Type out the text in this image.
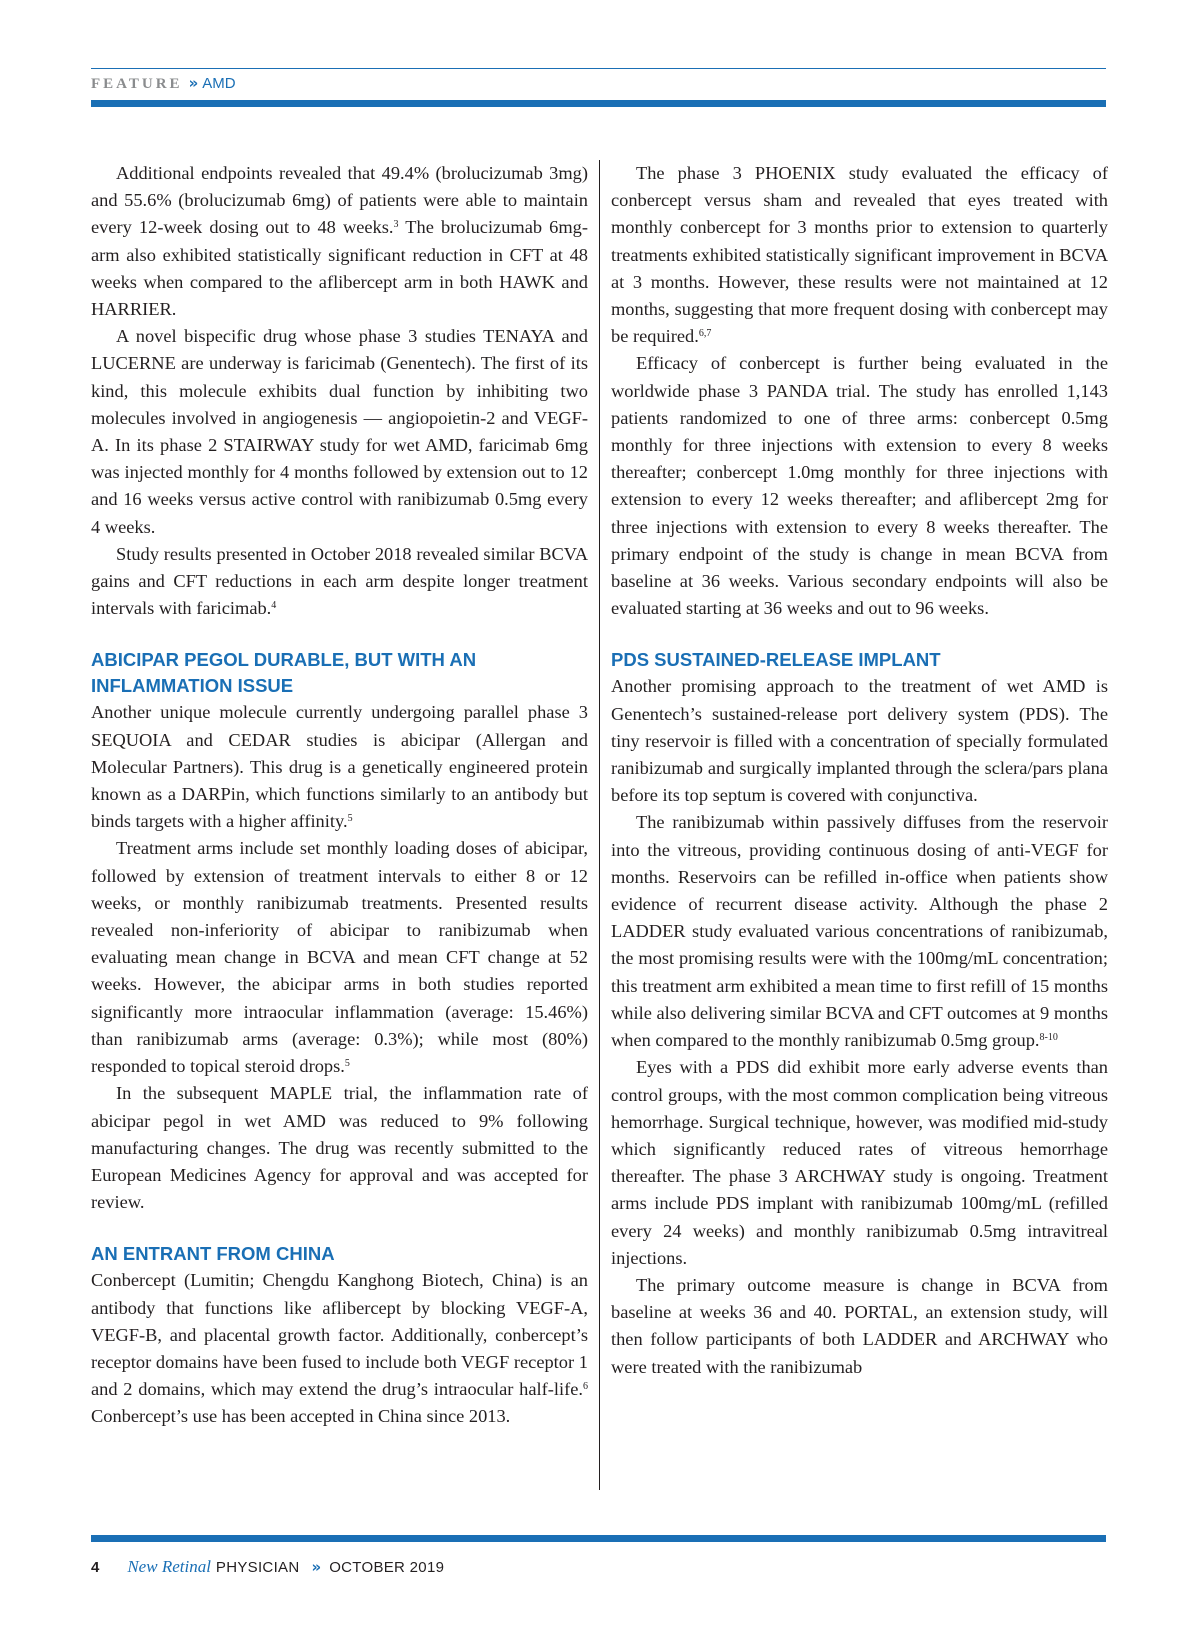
FEATURE » AMD

Additional endpoints revealed that 49.4% (brolucizumab 3mg) and 55.6% (brolucizumab 6mg) of patients were able to maintain every 12-week dosing out to 48 weeks.$^3$ The brolucizumab 6mg-arm also exhibited statistically significant reduction in CFT at 48 weeks when compared to the aflibercept arm in both HAWK and HARRIER.

A novel bispecific drug whose phase 3 studies TENAYA and LUCERNE are underway is faricimab (Genentech). The first of its kind, this molecule exhibits dual function by inhibiting two molecules involved in angiogenesis — angiopoietin-2 and VEGF-A. In its phase 2 STAIRWAY study for wet AMD, faricimab 6mg was injected monthly for 4 months followed by extension out to 12 and 16 weeks versus active control with ranibizumab 0.5mg every 4 weeks.

Study results presented in October 2018 revealed similar BCVA gains and CFT reductions in each arm despite longer treatment intervals with faricimab.$^4$

ABICIPAR PEGOL DURABLE, BUT WITH AN INFLAMMATION ISSUE

Another unique molecule currently undergoing parallel phase 3 SEQUOIA and CEDAR studies is abicipar (Allergan and Molecular Partners). This drug is a genetically engineered protein known as a DARPin, which functions similarly to an antibody but binds targets with a higher affinity.$^5$

Treatment arms include set monthly loading doses of abicipar, followed by extension of treatment intervals to either 8 or 12 weeks, or monthly ranibizumab treatments. Presented results revealed non-inferiority of abicipar to ranibizumab when evaluating mean change in BCVA and mean CFT change at 52 weeks. However, the abicipar arms in both studies reported significantly more intraocular inflammation (average: 15.46%) than ranibizumab arms (average: 0.3%); while most (80%) responded to topical steroid drops.$^5$

In the subsequent MAPLE trial, the inflammation rate of abicipar pegol in wet AMD was reduced to 9% following manufacturing changes. The drug was recently submitted to the European Medicines Agency for approval and was accepted for review.

AN ENTRANT FROM CHINA

Conbercept (Lumitin; Chengdu Kanghong Biotech, China) is an antibody that functions like aflibercept by blocking VEGF-A, VEGF-B, and placental growth factor. Additionally, conbercept’s receptor domains have been fused to include both VEGF receptor 1 and 2 domains, which may extend the drug’s intraocular half-life.$^6$ Conbercept’s use has been accepted in China since 2013.

The phase 3 PHOENIX study evaluated the efficacy of conbercept versus sham and revealed that eyes treated with monthly conbercept for 3 months prior to extension to quarterly treatments exhibited statistically significant improvement in BCVA at 3 months. However, these results were not maintained at 12 months, suggesting that more frequent dosing with conbercept may be required.$^{6,7}$

Efficacy of conbercept is further being evaluated in the worldwide phase 3 PANDA trial. The study has enrolled 1,143 patients randomized to one of three arms: conbercept 0.5mg monthly for three injections with extension to every 8 weeks thereafter; conbercept 1.0mg monthly for three injections with extension to every 12 weeks thereafter; and aflibercept 2mg for three injections with extension to every 8 weeks thereafter. The primary endpoint of the study is change in mean BCVA from baseline at 36 weeks. Various secondary endpoints will also be evaluated starting at 36 weeks and out to 96 weeks.

PDS SUSTAINED-RELEASE IMPLANT

Another promising approach to the treatment of wet AMD is Genentech’s sustained-release port delivery system (PDS). The tiny reservoir is filled with a concentration of specially formulated ranibizumab and surgically implanted through the sclera/pars plana before its top septum is covered with conjunctiva.

The ranibizumab within passively diffuses from the reservoir into the vitreous, providing continuous dosing of anti-VEGF for months. Reservoirs can be refilled in-office when patients show evidence of recurrent disease activity. Although the phase 2 LADDER study evaluated various concentrations of ranibizumab, the most promising results were with the 100mg/mL concentration; this treatment arm exhibited a mean time to first refill of 15 months while also delivering similar BCVA and CFT outcomes at 9 months when compared to the monthly ranibizumab 0.5mg group.$^{8-10}$

Eyes with a PDS did exhibit more early adverse events than control groups, with the most common complication being vitreous hemorrhage. Surgical technique, however, was modified mid-study which significantly reduced rates of vitreous hemorrhage thereafter. The phase 3 ARCHWAY study is ongoing. Treatment arms include PDS implant with ranibizumab 100mg/mL (refilled every 24 weeks) and monthly ranibizumab 0.5mg intravitreal injections.

The primary outcome measure is change in BCVA from baseline at weeks 36 and 40. PORTAL, an extension study, will then follow participants of both LADDER and ARCHWAY who were treated with the ranibizumab

4 New Retinal PHYSICIAN » OCTOBER 2019
